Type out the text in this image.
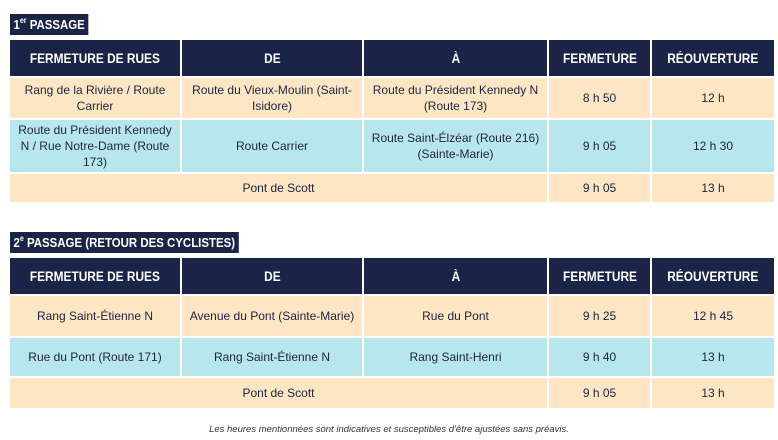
1er PASSAGE
FERMETURE DE RUES	DE	À	FERMETURE	RÉOUVERTURE
Rang de la Rivière / Route Carrier	Route du Vieux-Moulin (Saint-Isidore)	Route du Président Kennedy N (Route 173)	8 h 50	12 h
Route du Président Kennedy N / Rue Notre-Dame (Route 173)	Route Carrier	Route Saint-Élzéar (Route 216) (Sainte-Marie)	9 h 05	12 h 30
Pont de Scott			9 h 05	13 h
2e PASSAGE (RETOUR DES CYCLISTES)
FERMETURE DE RUES	DE	À	FERMETURE	RÉOUVERTURE
Rang Saint-Étienne N	Avenue du Pont (Sainte-Marie)	Rue du Pont	9 h 25	12 h 45
Rue du Pont (Route 171)	Rang Saint-Étienne N	Rang Saint-Henri	9 h 40	13 h
Pont de Scott			9 h 05	13 h
Les heures mentionnées sont indicatives et susceptibles d'être ajustées sans préavis.
